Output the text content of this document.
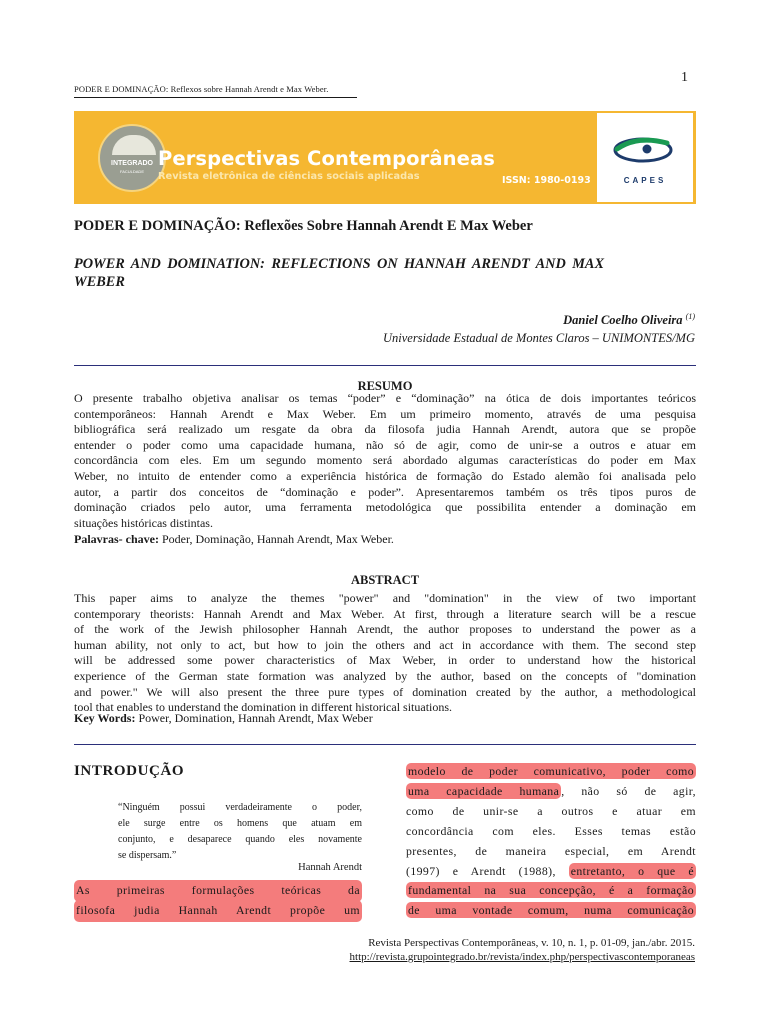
1
PODER E DOMINAÇÃO: Reflexos sobre Hannah Arendt e Max Weber.
INTEGRADO
FACULDADE
Perspectivas Contemporâneas
Revista eletrônica de ciências sociais aplicadas	ISSN: 1980-0193	CAPES
PODER E DOMINAÇÃO: Reflexões Sobre Hannah Arendt E Max Weber
POWER AND DOMINATION: REFLECTIONS ON HANNAH ARENDT AND MAX WEBER
Daniel Coelho Oliveira $^{(1)}$
Universidade Estadual de Montes Claros – UNIMONTES/MG
RESUMO
O presente trabalho objetiva analisar os temas “poder” e “dominação” na ótica de dois importantes teóricos
contemporâneos: Hannah Arendt e Max Weber. Em um primeiro momento, através de uma pesquisa
bibliográfica será realizado um resgate da obra da filosofa judia Hannah Arendt, autora que se propõe
entender o poder como uma capacidade humana, não só de agir, como de unir-se a outros e atuar em
concordância com eles. Em um segundo momento será abordado algumas características do poder em Max
Weber, no intuito de entender como a experiência histórica de formação do Estado alemão foi analisada pelo
autor, a partir dos conceitos de “dominação e poder”. Apresentaremos também os três tipos puros de
dominação criados pelo autor, uma ferramenta metodológica que possibilita entender a dominação em
situações históricas distintas.
Palavras- chave: Poder, Dominação, Hannah Arendt, Max Weber.
ABSTRACT
This paper aims to analyze the themes "power" and "domination" in the view of two important
contemporary theorists: Hannah Arendt and Max Weber. At first, through a literature search will be a rescue
of the work of the Jewish philosopher Hannah Arendt, the author proposes to understand the power as a
human ability, not only to act, but how to join the others and act in accordance with them. The second step
will be addressed some power characteristics of Max Weber, in order to understand how the historical
experience of the German state formation was analyzed by the author, based on the concepts of "domination
and power." We will also present the three pure types of domination created by the author, a methodological
tool that enables to understand the domination in different historical situations.
Key Words: Power, Domination, Hannah Arendt, Max Weber
INTRODUÇÃO
“Ninguém possui verdadeiramente o poder,
ele surge entre os homens que atuam em
conjunto, e desaparece quando eles novamente
se dispersam.”
Hannah Arendt
As primeiras formulações teóricas da
filosofa judia Hannah Arendt propõe um
modelo de poder comunicativo, poder como
uma capacidade humana , não só de agir,
como de unir-se a outros e atuar em
concordância com eles. Esses temas estão
presentes, de maneira especial, em Arendt
(1997) e Arendt (1988), entretanto, o que é
fundamental na sua concepção, é a formação
de uma vontade comum, numa comunicação
Revista Perspectivas Contemporâneas, v. 10, n. 1, p. 01-09, jan./abr. 2015.
http://revista.grupointegrado.br/revista/index.php/perspectivascontemporaneas
